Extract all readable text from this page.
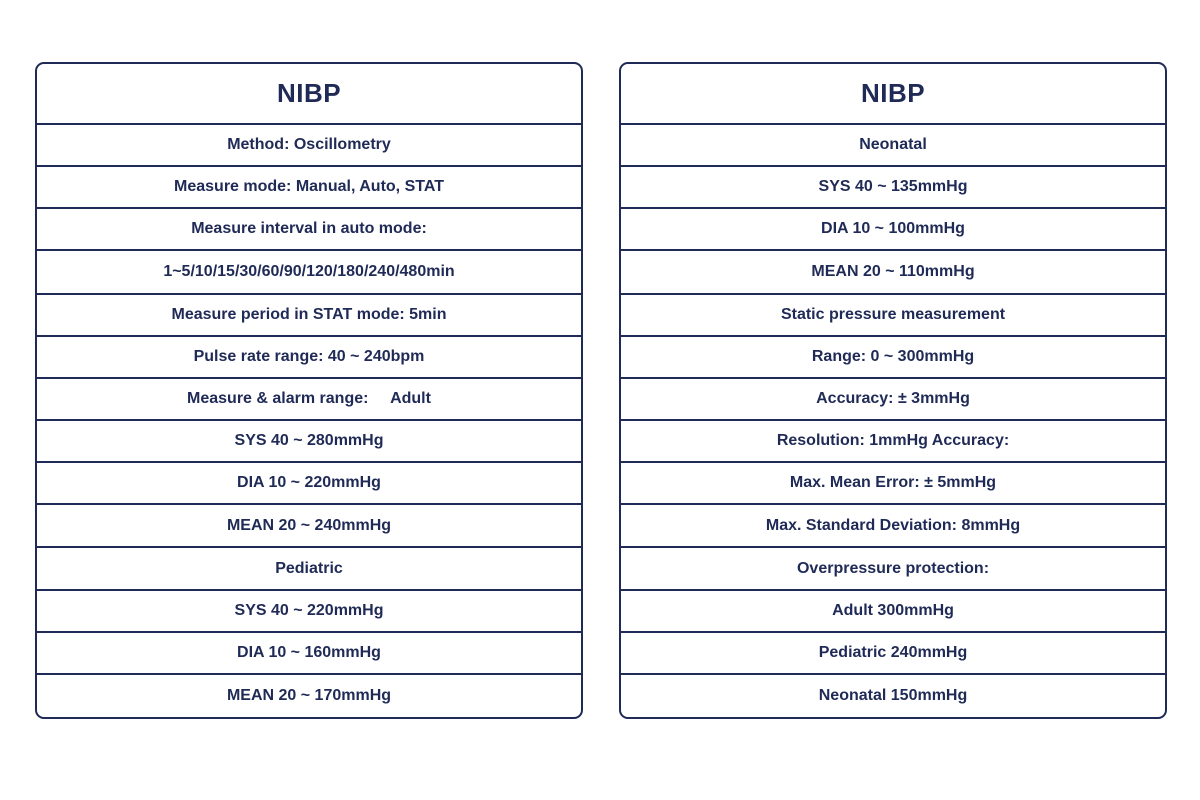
NIBP
Method: Oscillometry
Measure mode: Manual, Auto, STAT
Measure interval in auto mode:
1~5/10/15/30/60/90/120/180/240/480min
Measure period in STAT mode: 5min
Pulse rate range: 40 ~ 240bpm
Measure & alarm range:     Adult
SYS 40 ~ 280mmHg
DIA 10 ~ 220mmHg
MEAN 20 ~ 240mmHg
Pediatric
SYS 40 ~ 220mmHg
DIA 10 ~ 160mmHg
MEAN 20 ~ 170mmHg
NIBP
Neonatal
SYS 40 ~ 135mmHg
DIA 10 ~ 100mmHg
MEAN 20 ~ 110mmHg
Static pressure measurement
Range: 0 ~ 300mmHg
Accuracy: ± 3mmHg
Resolution: 1mmHg Accuracy:
Max. Mean Error: ± 5mmHg
Max. Standard Deviation: 8mmHg
Overpressure protection:
Adult 300mmHg
Pediatric 240mmHg
Neonatal 150mmHg
